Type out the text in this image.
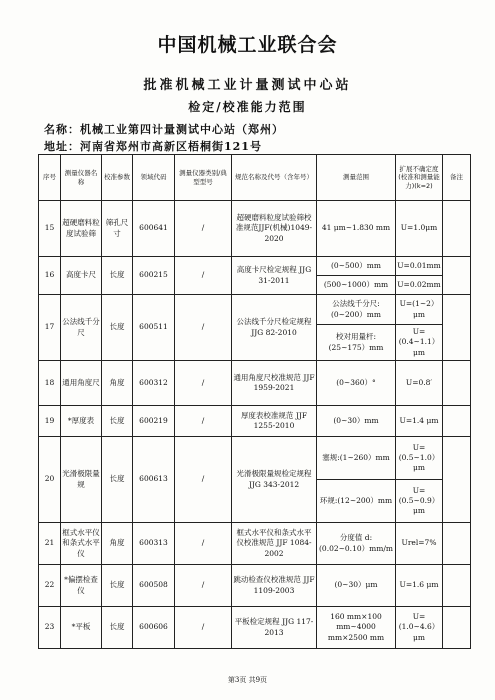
中国机械工业联合会
批准机械工业计量测试中心站
检定/校准能力范围
名称：机械工业第四计量测试中心站（郑州）
地址：河南省郑州市高新区梧桐街121号
序号	测量仪器名称	校准参数	领域代码	测量仪器类别/典型型号	规范名称及代号（含年号）	测量范围	扩展不确定度(校准和测量能力)(k=2)	备注
15	超硬磨料粒度试验筛	筛孔尺寸	600641	/	超硬磨料粒度试验筛校准规范JJF(机械)1049-2020	41 μm~1.830 mm	U=1.0μm	
16	高度卡尺	长度	600215	/	高度卡尺检定规程 JJG 31-2011	(0~500）mm	U=0.01mm	
						(500~1000）mm	U=0.02mm	
17	公法线千分尺	长度	600511	/	公法线千分尺检定规程 JJG 82-2010	公法线千分尺:(0~200）mm	U=(1~2）μm	
						校对用量杆:(25~175）mm	U=(0.4~1.1）μm	
18	通用角度尺	角度	600312	/	通用角度尺校准规范 JJF 1959-2021	(0~360）°	U=0.8′	
19	*厚度表	长度	600219	/	厚度表校准规范 JJF 1255-2010	(0~30）mm	U=1.4 μm	
20	光滑极限量规	长度	600613	/	光滑极限量规检定规程 JJG 343-2012	塞规:(1~260）mm	U=(0.5~1.0）μm	
						环规:(12~200）mm	U=(0.5~0.9）μm	
21	框式水平仪和条式水平仪	角度	600313	/	框式水平仪和条式水平仪校准规范 JJF 1084-2002	分度值 d:(0.02~0.10）mm/m	Urel=7%	
22	*偏摆检查仪	长度	600508	/	跳动检查仪校准规范 JJF 1109-2003	(0~30）μm	U=1.6 μm	
23	*平板	长度	600606	/	平板检定规程 JJG 117-2013	160 mm×100 mm~4000 mm×2500 mm	U=(1.0~4.6）μm	
第3页 共9页
